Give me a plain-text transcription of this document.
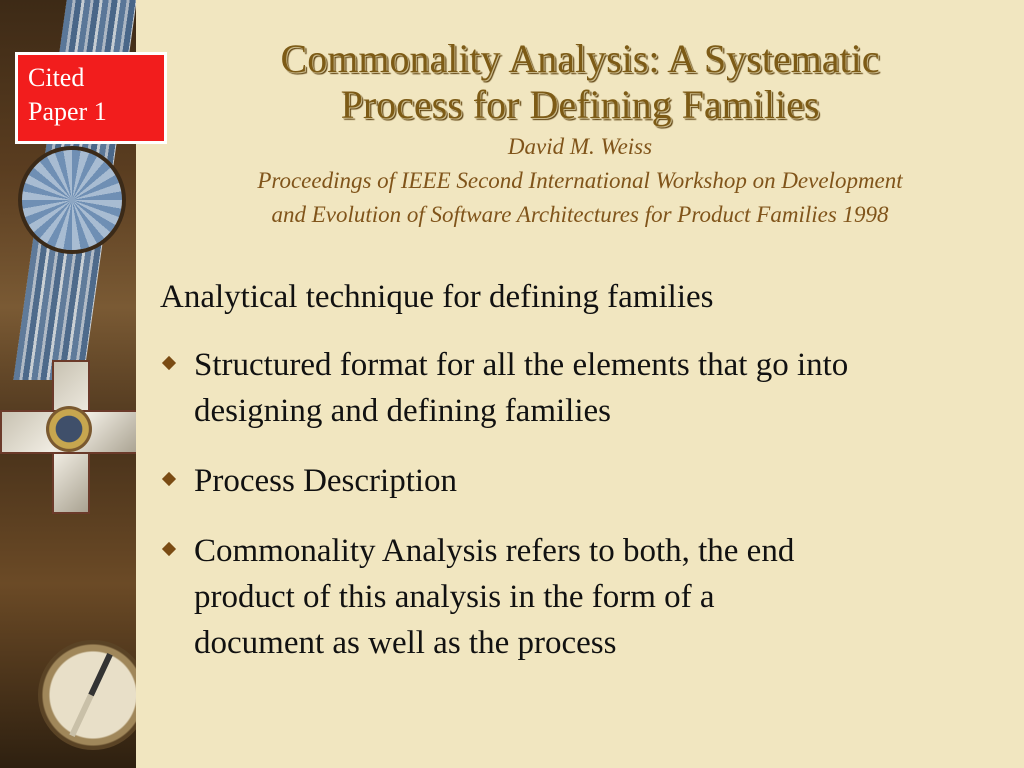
Cited
Paper 1
Commonality Analysis: A Systematic
Process for Defining Families

David M. Weiss

Proceedings of IEEE Second International Workshop on Development

and Evolution of Software Architectures for Product Families 1998

Analytical technique for defining families

Structured format for all the elements that go into
designing and defining families
Process Description
Commonality Analysis refers to both, the end
product of this analysis in the form of a
document as well as the process
